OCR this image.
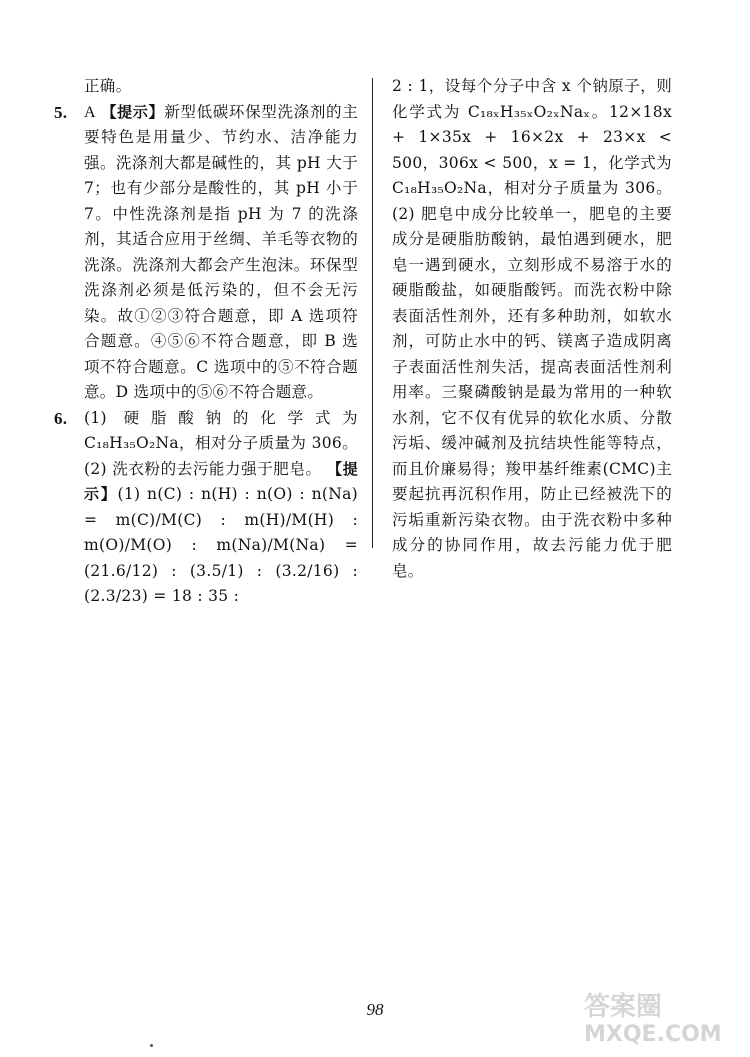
正确。

5. A 【提示】新型低碳环保型洗涤剂的主要特色是用量少、节约水、洁净能力强。洗涤剂大都是碱性的，其 pH 大于 7；也有少部分是酸性的，其 pH 小于 7。中性洗涤剂是指 pH 为 7 的洗涤剂，其适合应用于丝绸、羊毛等衣物的洗涤。洗涤剂大都会产生泡沫。环保型洗涤剂必须是低污染的，但不会无污染。故①②③符合题意，即 A 选项符合题意。④⑤⑥不符合题意，即 B 选项不符合题意。C 选项中的⑤不符合题意。D 选项中的⑤⑥不符合题意。
6. (1) 硬脂酸钠的化学式为 C₁₈H₃₅O₂Na，相对分子质量为 306。 (2) 洗衣粉的去污能力强于肥皂。 【提示】(1) n(C) : n(H) : n(O) : n(Na) = m(C)/M(C) : m(H)/M(H) : m(O)/M(O) : m(Na)/M(Na) = (21.6/12) : (3.5/1) : (3.2/16) : (2.3/23) = 18 : 35 :

2 : 1，设每个分子中含 x 个钠原子，则化学式为 C₁₈ₓH₃₅ₓO₂ₓNaₓ。12×18x + 1×35x + 16×2x + 23×x < 500，306x < 500，x = 1，化学式为 C₁₈H₃₅O₂Na，相对分子质量为 306。(2) 肥皂中成分比较单一，肥皂的主要成分是硬脂肪酸钠，最怕遇到硬水，肥皂一遇到硬水，立刻形成不易溶于水的硬脂酸盐，如硬脂酸钙。而洗衣粉中除表面活性剂外，还有多种助剂，如软水剂，可防止水中的钙、镁离子造成阴离子表面活性剂失活，提高表面活性剂利用率。三聚磷酸钠是最为常用的一种软水剂，它不仅有优异的软化水质、分散污垢、缓冲碱剂及抗结块性能等特点，而且价廉易得；羧甲基纤维素(CMC)主要起抗再沉积作用，防止已经被洗下的污垢重新污染衣物。由于洗衣粉中多种成分的协同作用，故去污能力优于肥皂。

98	答案圈
MXQE.COM
